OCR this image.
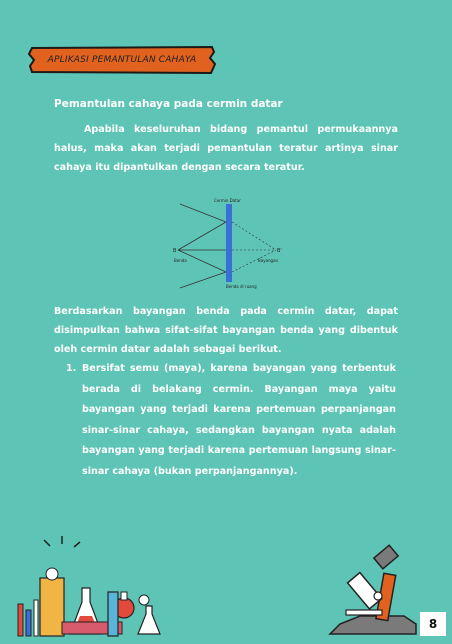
APLIKASI PEMANTULAN CAHAYA

Pemantulan cahaya pada cermin datar

Apabila keseluruhan bidang pemantul permukaannya halus, maka akan terjadi pemantulan teratur artinya sinar cahaya itu dipantulkan dengan secara teratur.

Cermin Datar
B	B'
Benda	Bayangan
Benda di ruang

Berdasarkan bayangan benda pada cermin datar, dapat disimpulkan bahwa sifat-sifat bayangan benda yang dibentuk oleh cermin datar adalah sebagai berikut.

1. Bersifat semu (maya), karena bayangan yang terbentuk berada di belakang cermin. Bayangan maya yaitu bayangan yang terjadi karena pertemuan perpanjangan sinar-sinar cahaya, sedangkan bayangan nyata adalah bayangan yang terjadi karena pertemuan langsung sinar-sinar cahaya (bukan perpanjangannya).
8
